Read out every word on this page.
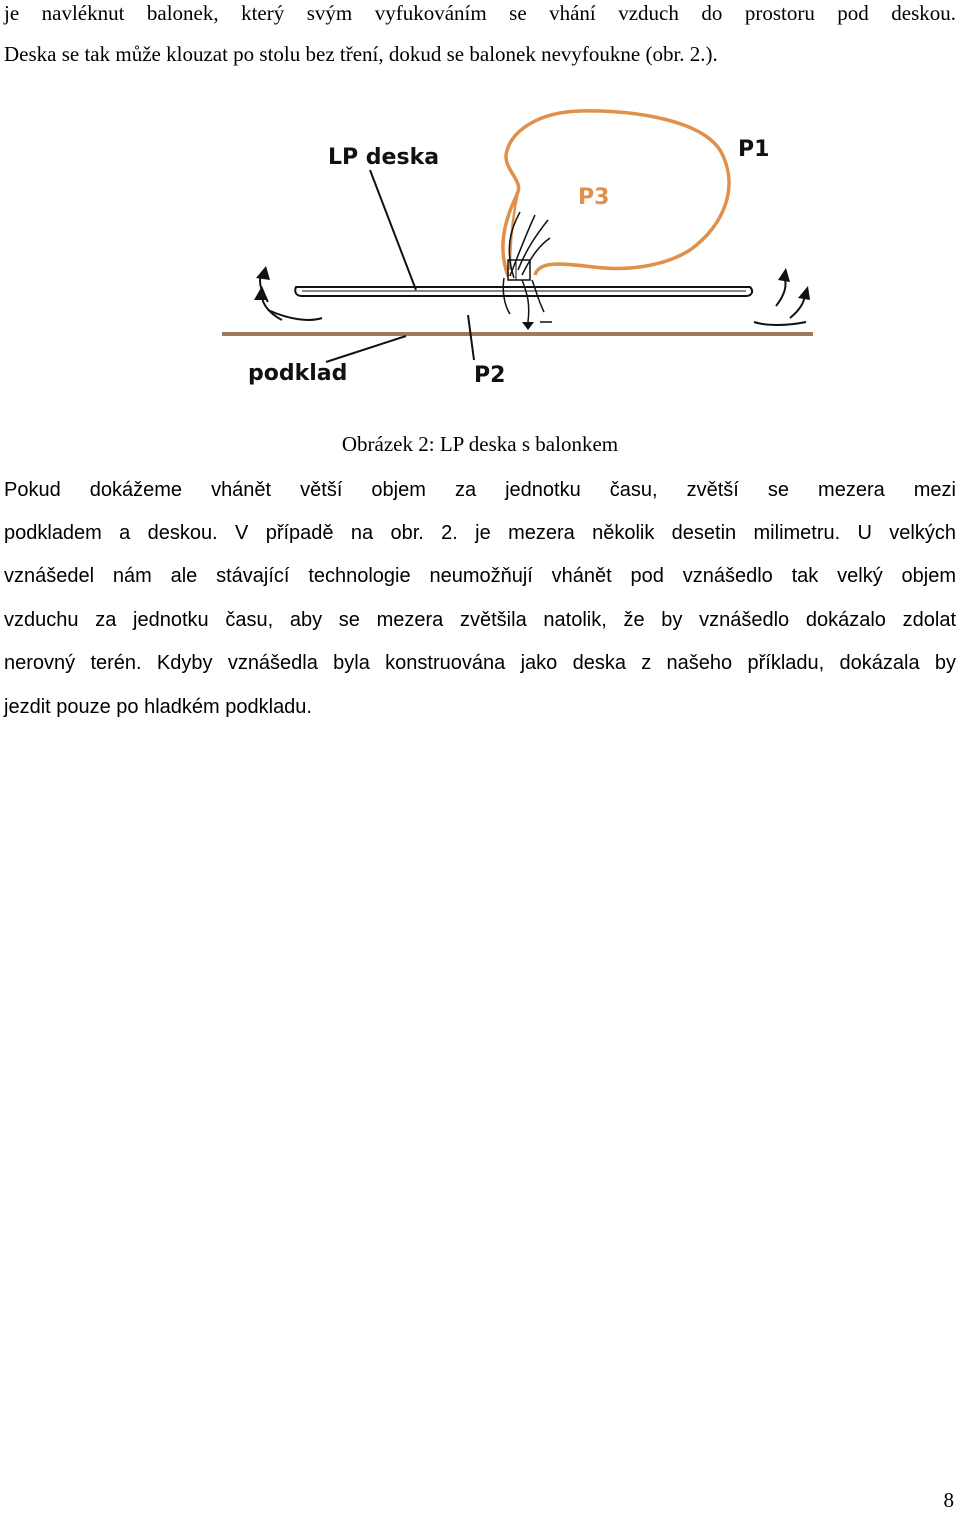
je navléknut balonek, který svým vyfukováním se vhání vzduch do prostoru pod deskou.

Deska se tak může klouzat po stolu bez tření, dokud se balonek nevyfoukne (obr. 2.).

LP deska	P1
P3
podklad	P2

Obrázek 2: LP deska s balonkem

Pokud dokážeme vhánět větší objem za jednotku času, zvětší se mezera mezi

podkladem a deskou. V případě na obr. 2. je mezera několik desetin milimetru. U velkých

vznášedel nám ale stávající technologie neumožňují vhánět pod vznášedlo tak velký objem

vzduchu za jednotku času, aby se mezera zvětšila natolik, že by vznášedlo dokázalo zdolat

nerovný terén. Kdyby vznášedla byla konstruována jako deska z našeho příkladu, dokázala by

jezdit pouze po hladkém podkladu.

8
